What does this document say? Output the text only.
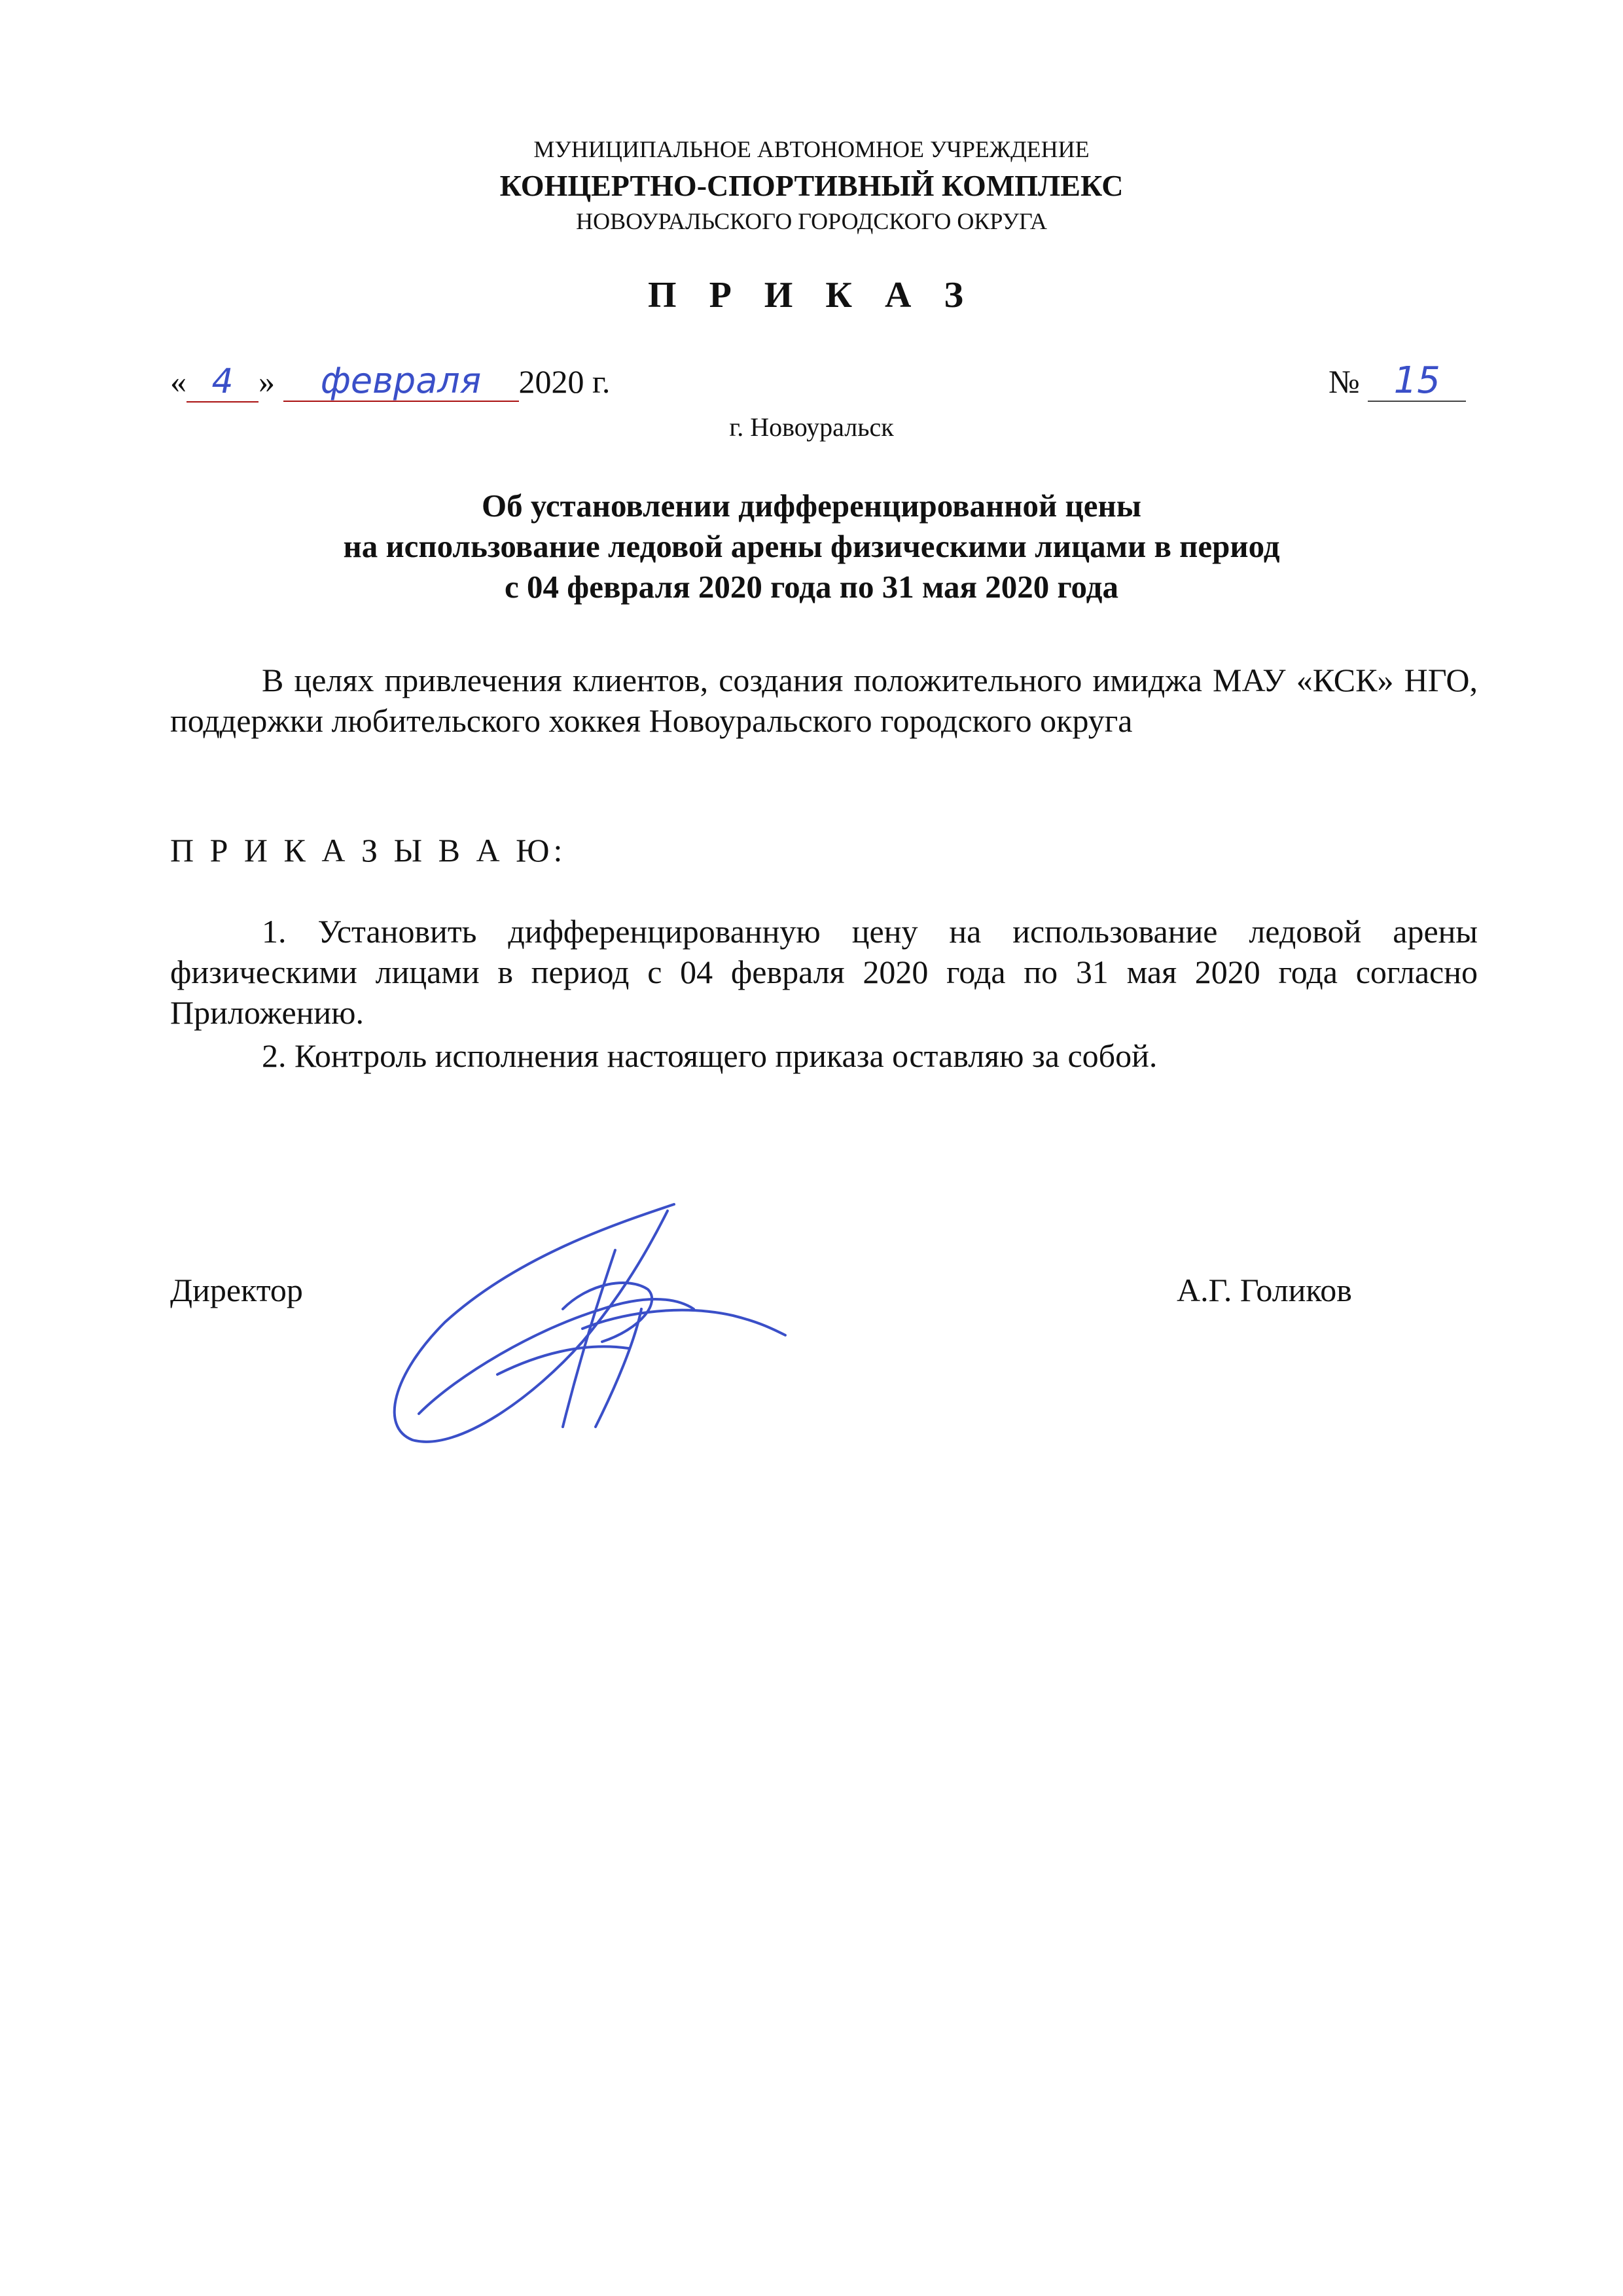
МУНИЦИПАЛЬНОЕ АВТОНОМНОЕ УЧРЕЖДЕНИЕ
КОНЦЕРТНО-СПОРТИВНЫЙ КОМПЛЕКС
НОВОУРАЛЬСКОГО ГОРОДСКОГО ОКРУГА
П Р И К А З
« 4 » февраля 2020 г.	№ 15
г. Новоуральск
Об установлении дифференцированной цены
на использование ледовой арены физическими лицами в период
с 04 февраля 2020 года по 31 мая 2020 года
В целях привлечения клиентов, создания положительного имиджа МАУ «КСК» НГО, поддержки любительского хоккея Новоуральского городского округа
П Р И К А З Ы В А Ю:
1. Установить дифференцированную цену на использование ледовой арены физическими лицами в период с 04 февраля 2020 года по 31 мая 2020 года согласно Приложению.
2. Контроль исполнения настоящего приказа оставляю за собой.
Директор	А.Г. Голиков
